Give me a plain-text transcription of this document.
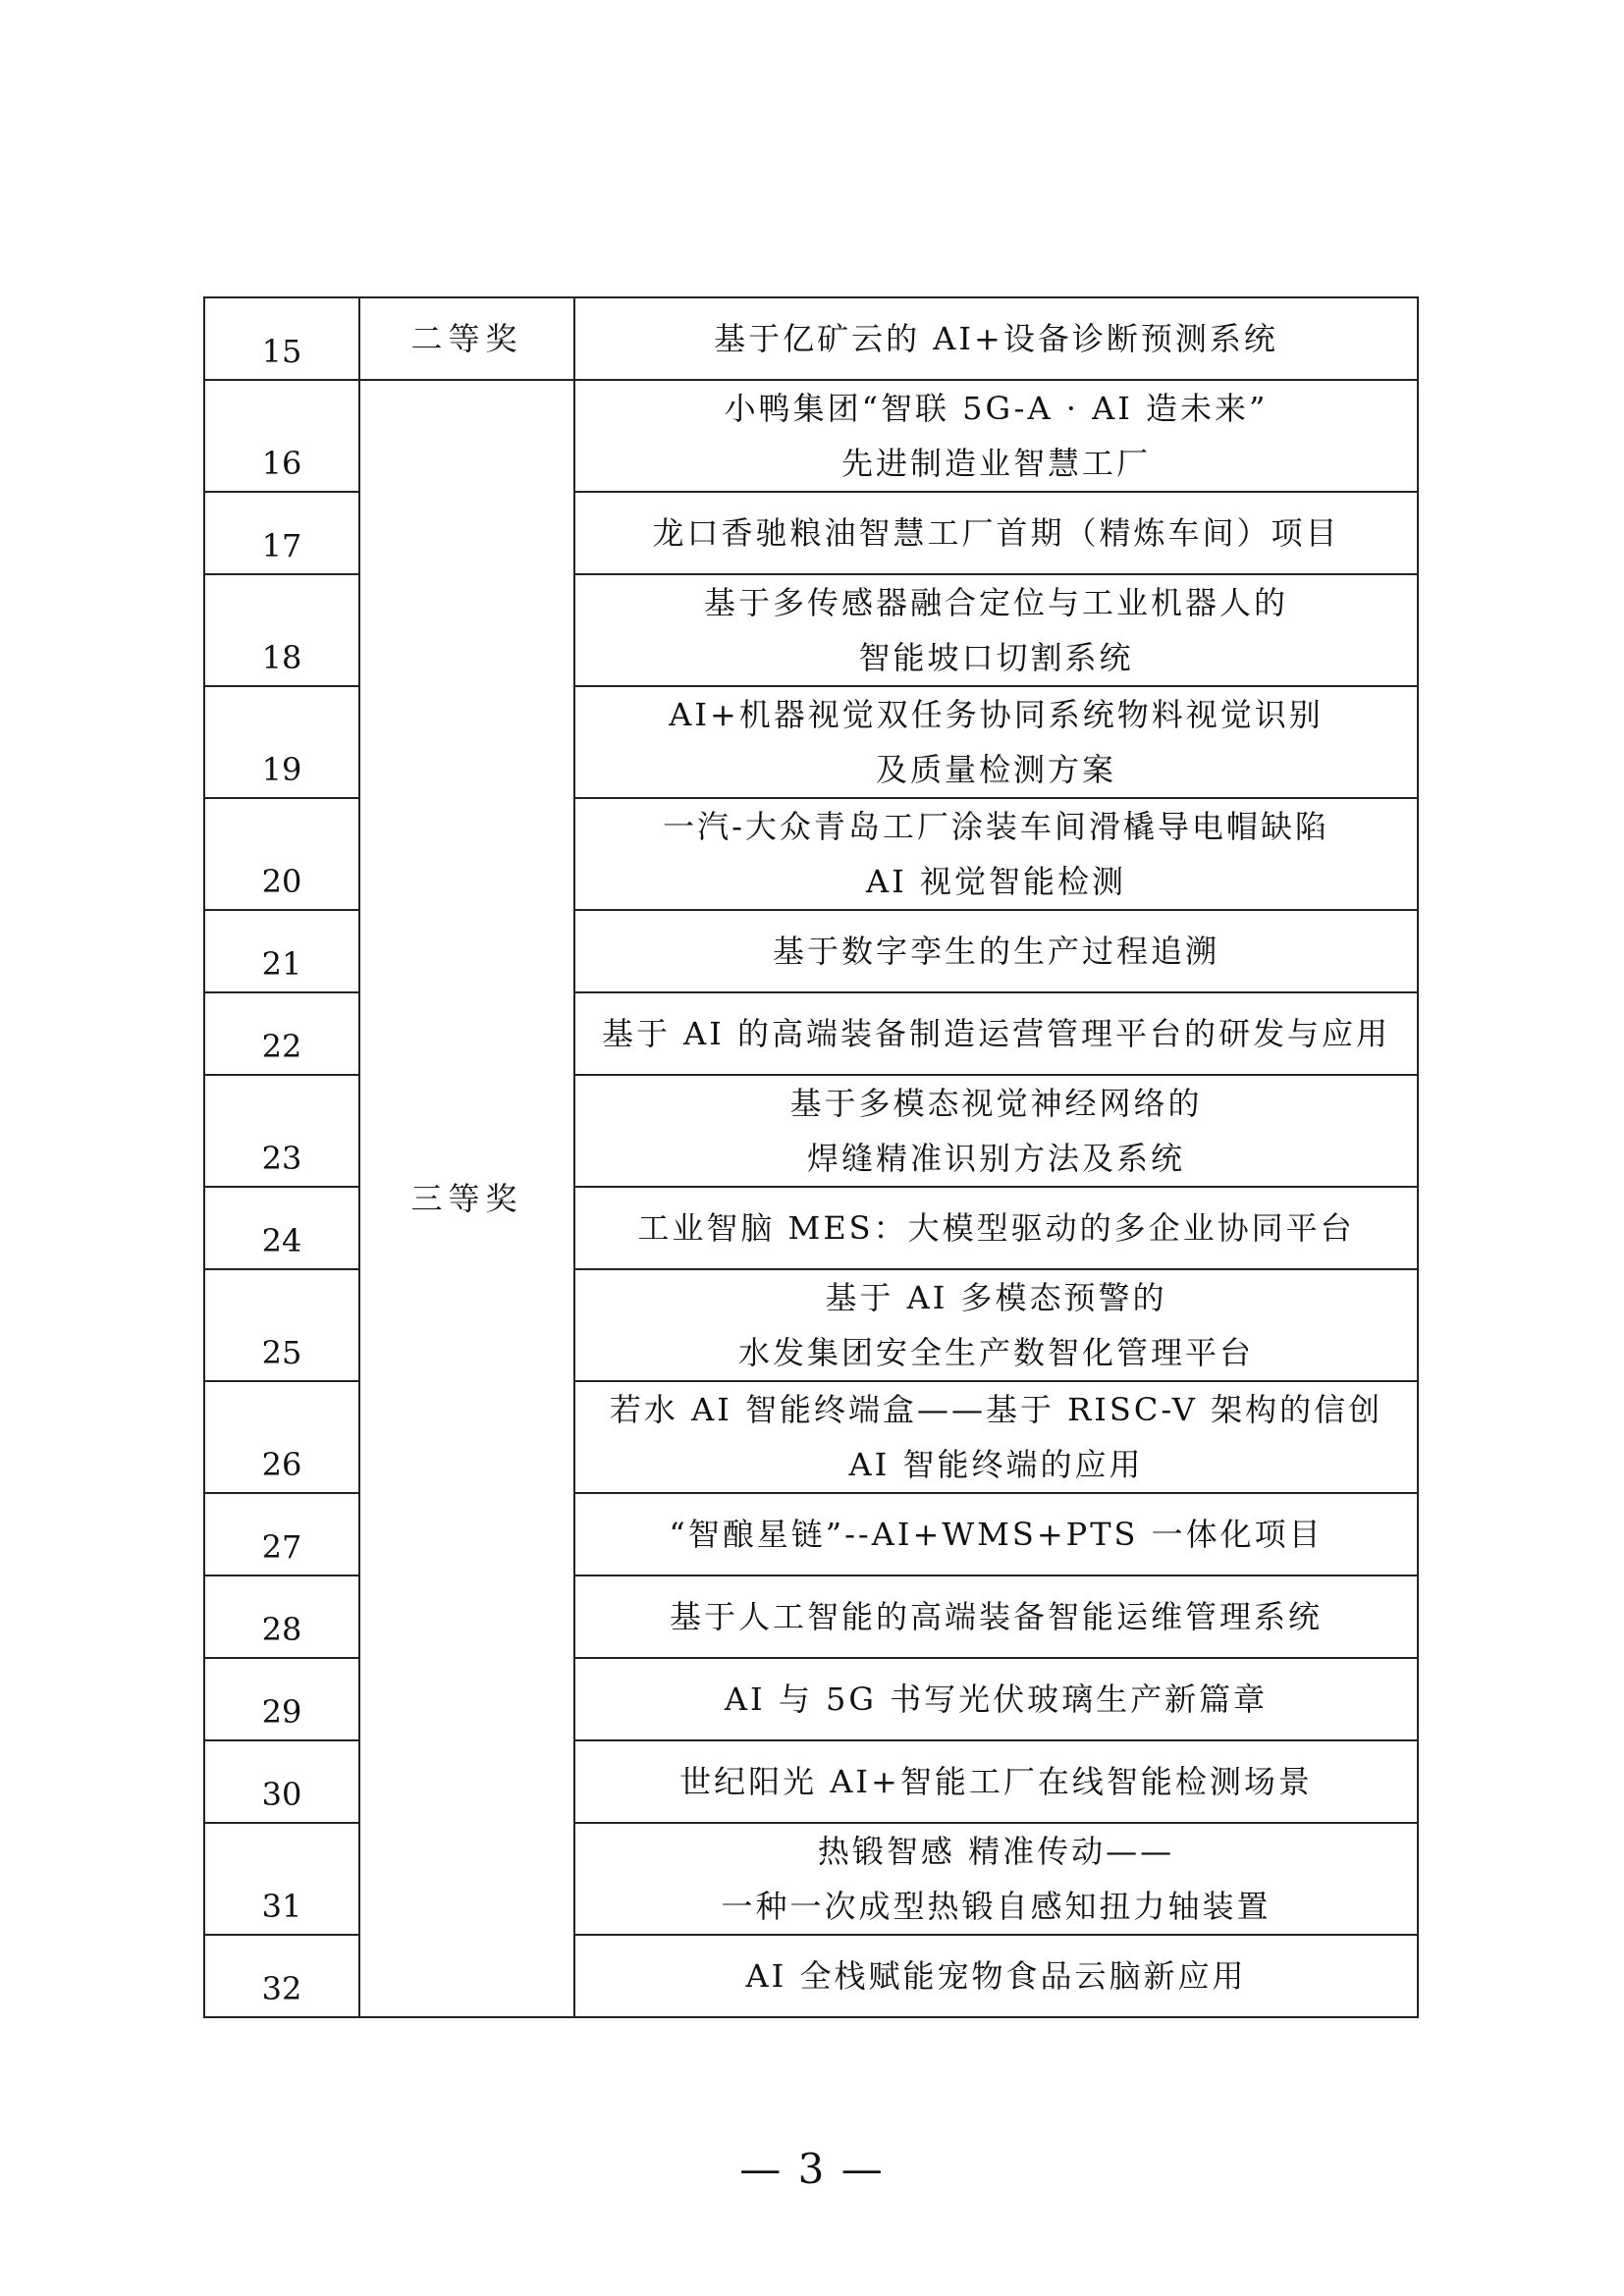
15	二等奖	基于亿矿云的 AI+设备诊断预测系统

16	三等奖	小鸭集团“智联 5G-A · AI 造未来”
先进制造业智慧工厂

17		龙口香驰粮油智慧工厂首期（精炼车间）项目

18		基于多传感器融合定位与工业机器人的
智能坡口切割系统

19		AI+机器视觉双任务协同系统物料视觉识别
及质量检测方案

20		一汽-大众青岛工厂涂装车间滑橇导电帽缺陷
AI 视觉智能检测

21		基于数字孪生的生产过程追溯

22		基于 AI 的高端装备制造运营管理平台的研发与应用

23		基于多模态视觉神经网络的
焊缝精准识别方法及系统

24		工业智脑 MES：大模型驱动的多企业协同平台

25		基于 AI 多模态预警的
水发集团安全生产数智化管理平台

26		若水 AI 智能终端盒——基于 RISC-V 架构的信创
AI 智能终端的应用

27		“智酿星链”--AI+WMS+PTS 一体化项目

28		基于人工智能的高端装备智能运维管理系统

29		AI 与 5G 书写光伏玻璃生产新篇章

30		世纪阳光 AI+智能工厂在线智能检测场景

31		热锻智感 精准传动——
一种一次成型热锻自感知扭力轴装置

32		AI 全栈赋能宠物食品云脑新应用
— 3 —
